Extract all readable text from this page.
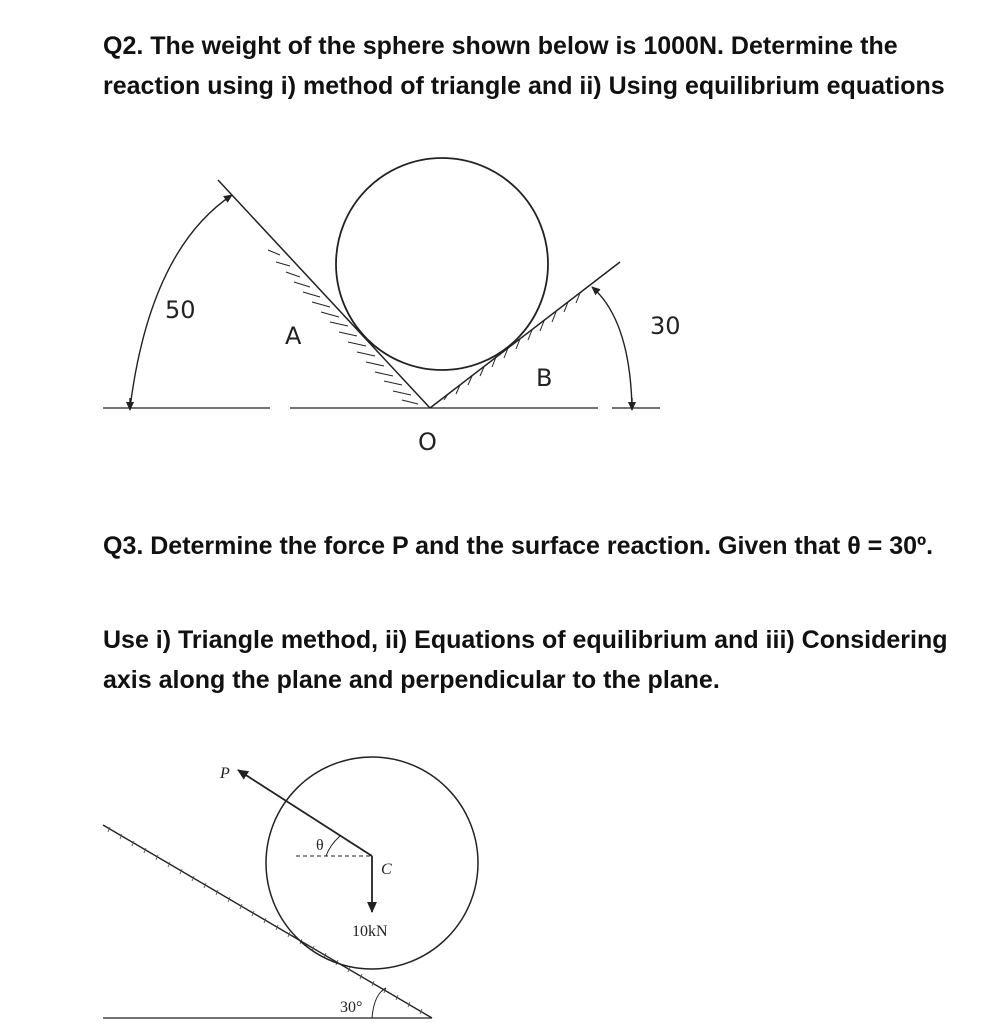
Q2. The weight of the sphere shown below is 1000N. Determine the reaction using i) method of triangle and ii) Using equilibrium equations

50
30
A
B
O
P
θ
C
10kN
30°

Q3. Determine the force P and the surface reaction. Given that θ = 30º.

Use i) Triangle method, ii) Equations of equilibrium and iii) Considering axis along the plane and perpendicular to the plane.
